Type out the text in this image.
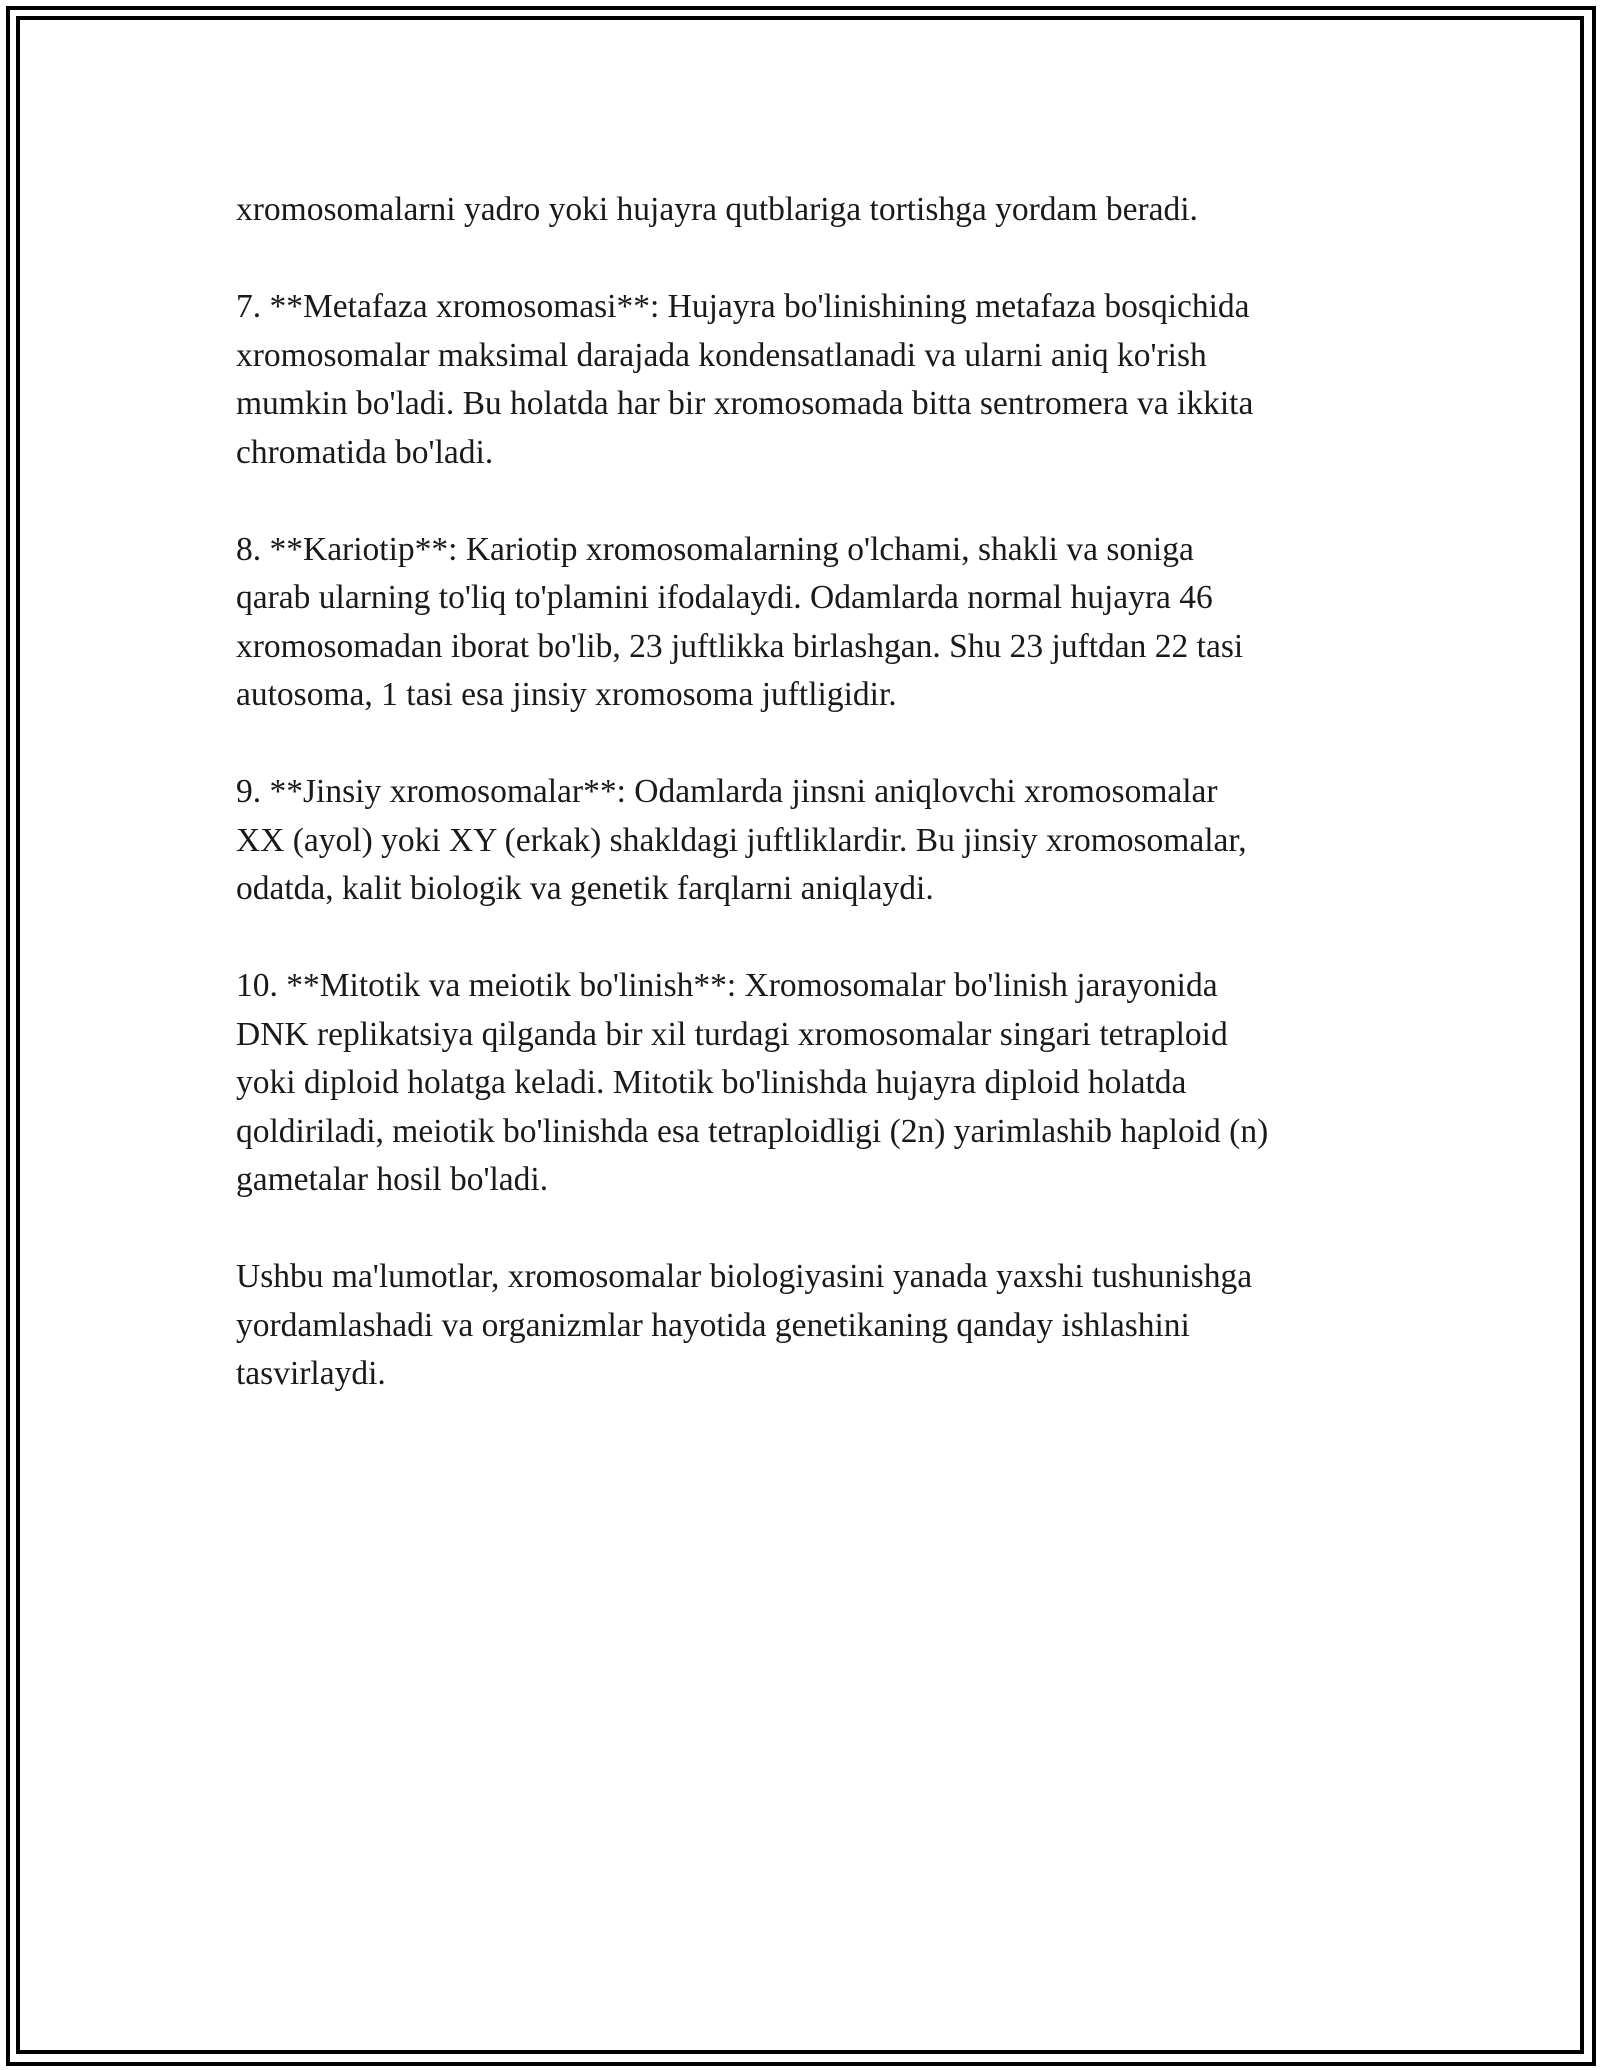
xromosomalarni yadro yoki hujayra qutblariga tortishga yordam beradi.

7. **Metafaza xromosomasi**: Hujayra bo'linishining metafaza bosqichida
xromosomalar maksimal darajada kondensatlanadi va ularni aniq ko'rish
mumkin bo'ladi. Bu holatda har bir xromosomada bitta sentromera va ikkita
chromatida bo'ladi.

8. **Kariotip**: Kariotip xromosomalarning o'lchami, shakli va soniga
qarab ularning to'liq to'plamini ifodalaydi. Odamlarda normal hujayra 46
xromosomadan iborat bo'lib, 23 juftlikka birlashgan. Shu 23 juftdan 22 tasi
autosoma, 1 tasi esa jinsiy xromosoma juftligidir.

9. **Jinsiy xromosomalar**: Odamlarda jinsni aniqlovchi xromosomalar
XX (ayol) yoki XY (erkak) shakldagi juftliklardir. Bu jinsiy xromosomalar,
odatda, kalit biologik va genetik farqlarni aniqlaydi.

10. **Mitotik va meiotik bo'linish**: Xromosomalar bo'linish jarayonida
DNK replikatsiya qilganda bir xil turdagi xromosomalar singari tetraploid
yoki diploid holatga keladi. Mitotik bo'linishda hujayra diploid holatda
qoldiriladi, meiotik bo'linishda esa tetraploidligi (2n) yarimlashib haploid (n)
gametalar hosil bo'ladi.

Ushbu ma'lumotlar, xromosomalar biologiyasini yanada yaxshi tushunishga
yordamlashadi va organizmlar hayotida genetikaning qanday ishlashini
tasvirlaydi.
